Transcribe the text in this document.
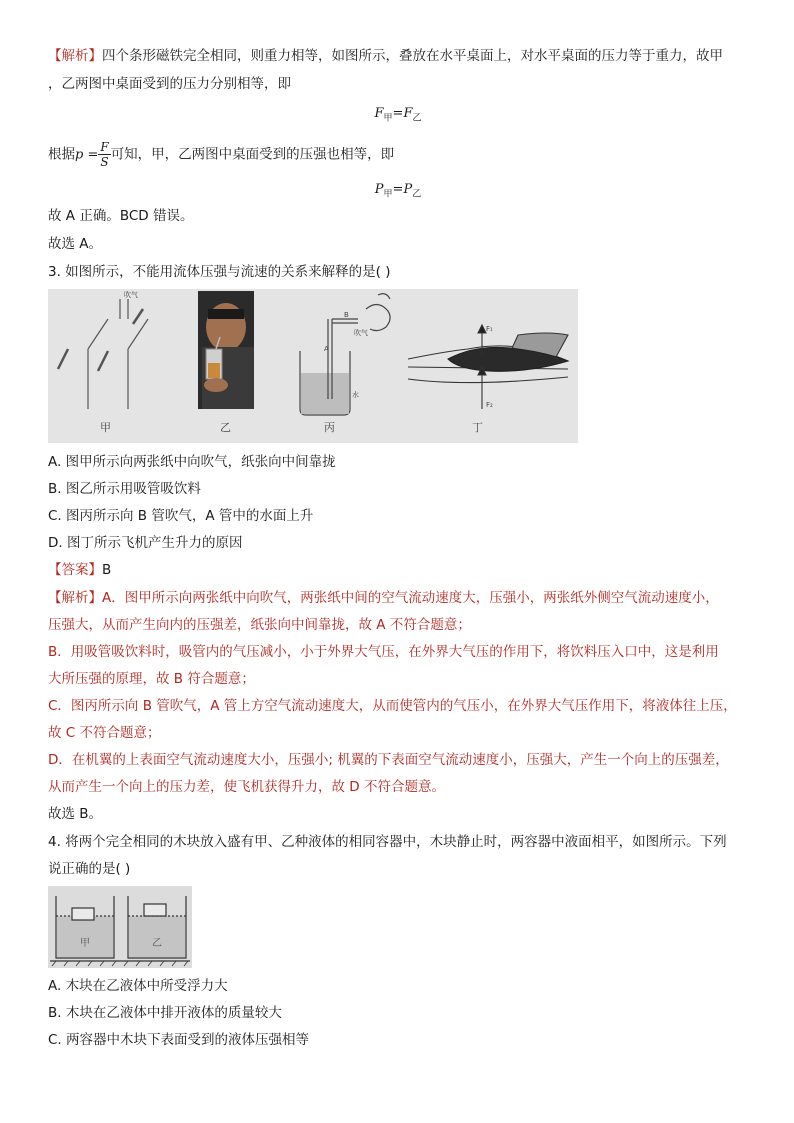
【解析】四个条形磁铁完全相同，则重力相等，如图所示，叠放在水平桌面上，对水平桌面的压力等于重力，故甲
，乙两图中桌面受到的压力分别相等，即
$F_甲=F_乙$
根据$p = \frac{F}{S}$ 可知，甲，乙两图中桌面受到的压强也相等，即
$P_甲=P_乙$
故 A 正确。BCD 错误。
故选 A。
3. 如图所示，不能用流体压强与流速的关系来解释的是( )
吹气
甲	乙
B
A
吹气
水
丙
F₁
F₂
丁
A. 图甲所示向两张纸中向吹气，纸张向中间靠拢
B. 图乙所示用吸管吸饮料
C. 图丙所示向 B 管吹气，A 管中的水面上升
D. 图丁所示飞机产生升力的原因
【答案】B
【解析】A．图甲所示向两张纸中向吹气，两张纸中间的空气流动速度大，压强小，两张纸外侧空气流动速度小，
压强大，从而产生向内的压强差，纸张向中间靠拢，故 A 不符合题意；
B．用吸管吸饮料时，吸管内的气压减小，小于外界大气压，在外界大气压的作用下，将饮料压入口中，这是利用
大所压强的原理，故 B 符合题意；
C．图丙所示向 B 管吹气，A 管上方空气流动速度大，从而使管内的气压小，在外界大气压作用下，将液体往上压，
故 C 不符合题意；
D．在机翼的上表面空气流动速度大小，压强小; 机翼的下表面空气流动速度小，压强大，产生一个向上的压强差，
从而产生一个向上的压力差，使飞机获得升力，故 D 不符合题意。
故选 B。
4. 将两个完全相同的木块放入盛有甲、乙种液体的相同容器中，木块静止时，两容器中液面相平，如图所示。下列
说正确的是( )
甲	乙
A. 木块在乙液体中所受浮力大
B. 木块在乙液体中排开液体的质量较大
C. 两容器中木块下表面受到的液体压强相等
